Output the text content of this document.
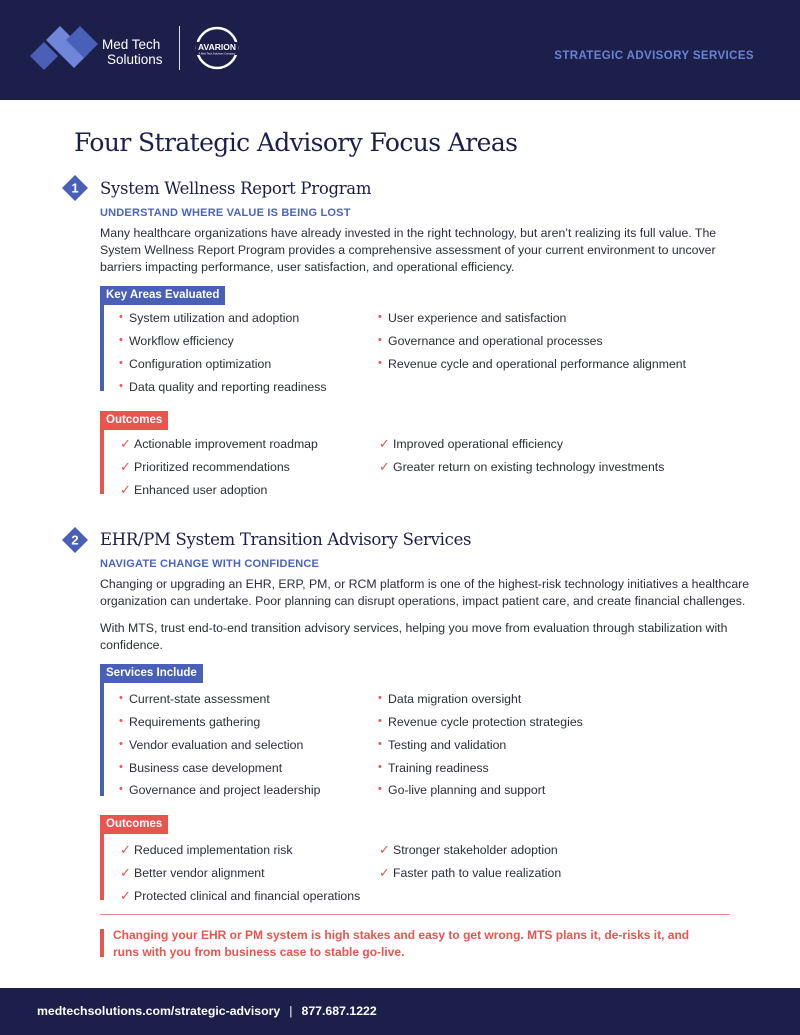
Med Tech
Solutions
AVARION
A Med Tech Solutions Company	STRATEGIC ADVISORY SERVICES
Four Strategic Advisory Focus Areas
1 System Wellness Report Program
UNDERSTAND WHERE VALUE IS BEING LOST
Many healthcare organizations have already invested in the right technology, but aren’t realizing its full value. The
System Wellness Report Program provides a comprehensive assessment of your current environment to uncover
barriers impacting performance, user satisfaction, and operational efficiency.
Key Areas Evaluated
• System utilization and adoption
• Workflow efficiency
• Configuration optimization
• Data quality and reporting readiness
• User experience and satisfaction
• Governance and operational processes
• Revenue cycle and operational performance alignment
Outcomes
✓ Actionable improvement roadmap
✓ Prioritized recommendations
✓ Enhanced user adoption
✓ Improved operational efficiency
✓ Greater return on existing technology investments
2 EHR/PM System Transition Advisory Services
NAVIGATE CHANGE WITH CONFIDENCE
Changing or upgrading an EHR, ERP, PM, or RCM platform is one of the highest-risk technology initiatives a healthcare
organization can undertake. Poor planning can disrupt operations, impact patient care, and create financial challenges.
With MTS, trust end-to-end transition advisory services, helping you move from evaluation through stabilization with
confidence.
Services Include
• Current-state assessment
• Requirements gathering
• Vendor evaluation and selection
• Business case development
• Governance and project leadership
• Data migration oversight
• Revenue cycle protection strategies
• Testing and validation
• Training readiness
• Go-live planning and support
Outcomes
✓ Reduced implementation risk
✓ Better vendor alignment
✓ Protected clinical and financial operations
✓ Stronger stakeholder adoption
✓ Faster path to value realization
Changing your EHR or PM system is high stakes and easy to get wrong. MTS plans it, de-risks it, and
runs with you from business case to stable go-live.
medtechsolutions.com/strategic-advisory | 877.687.1222
